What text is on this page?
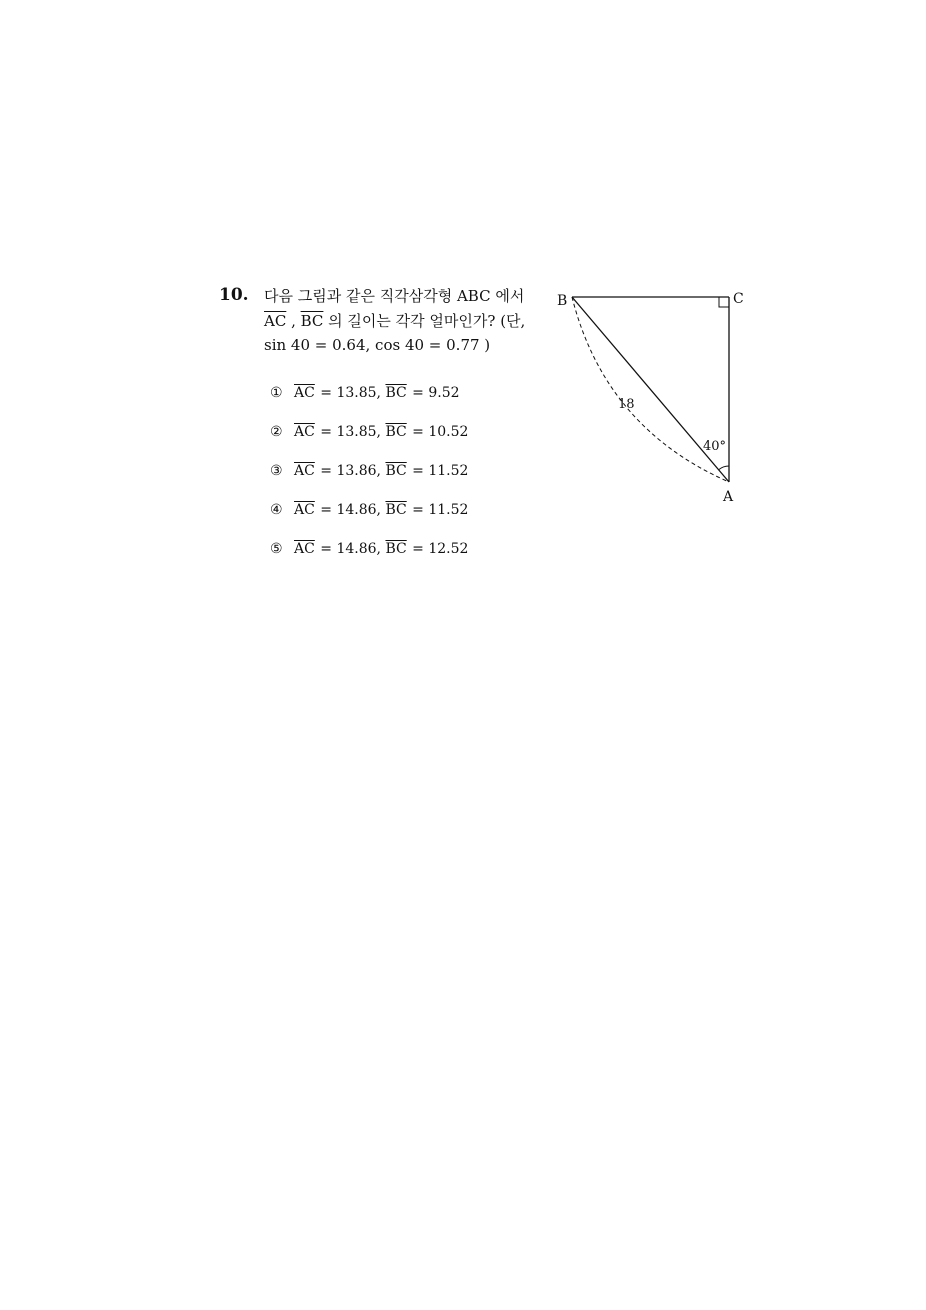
10. 다음 그림과 같은 직각삼각형 ABC 에서
$\overline{AC}$ , $\overline{BC}$ 의 길이는 각각 얼마인가? (단,
sin 40 = 0.64, cos 40 = 0.77 )
① $\overline{AC} = 13.85$, $\overline{BC} = 9.52$
② $\overline{AC} = 13.85$, $\overline{BC} = 10.52$
③ $\overline{AC} = 13.86$, $\overline{BC} = 11.52$
④ $\overline{AC} = 14.86$, $\overline{BC} = 11.52$
⑤ $\overline{AC} = 14.86$, $\overline{BC} = 12.52$
B	C
A
18
40°
